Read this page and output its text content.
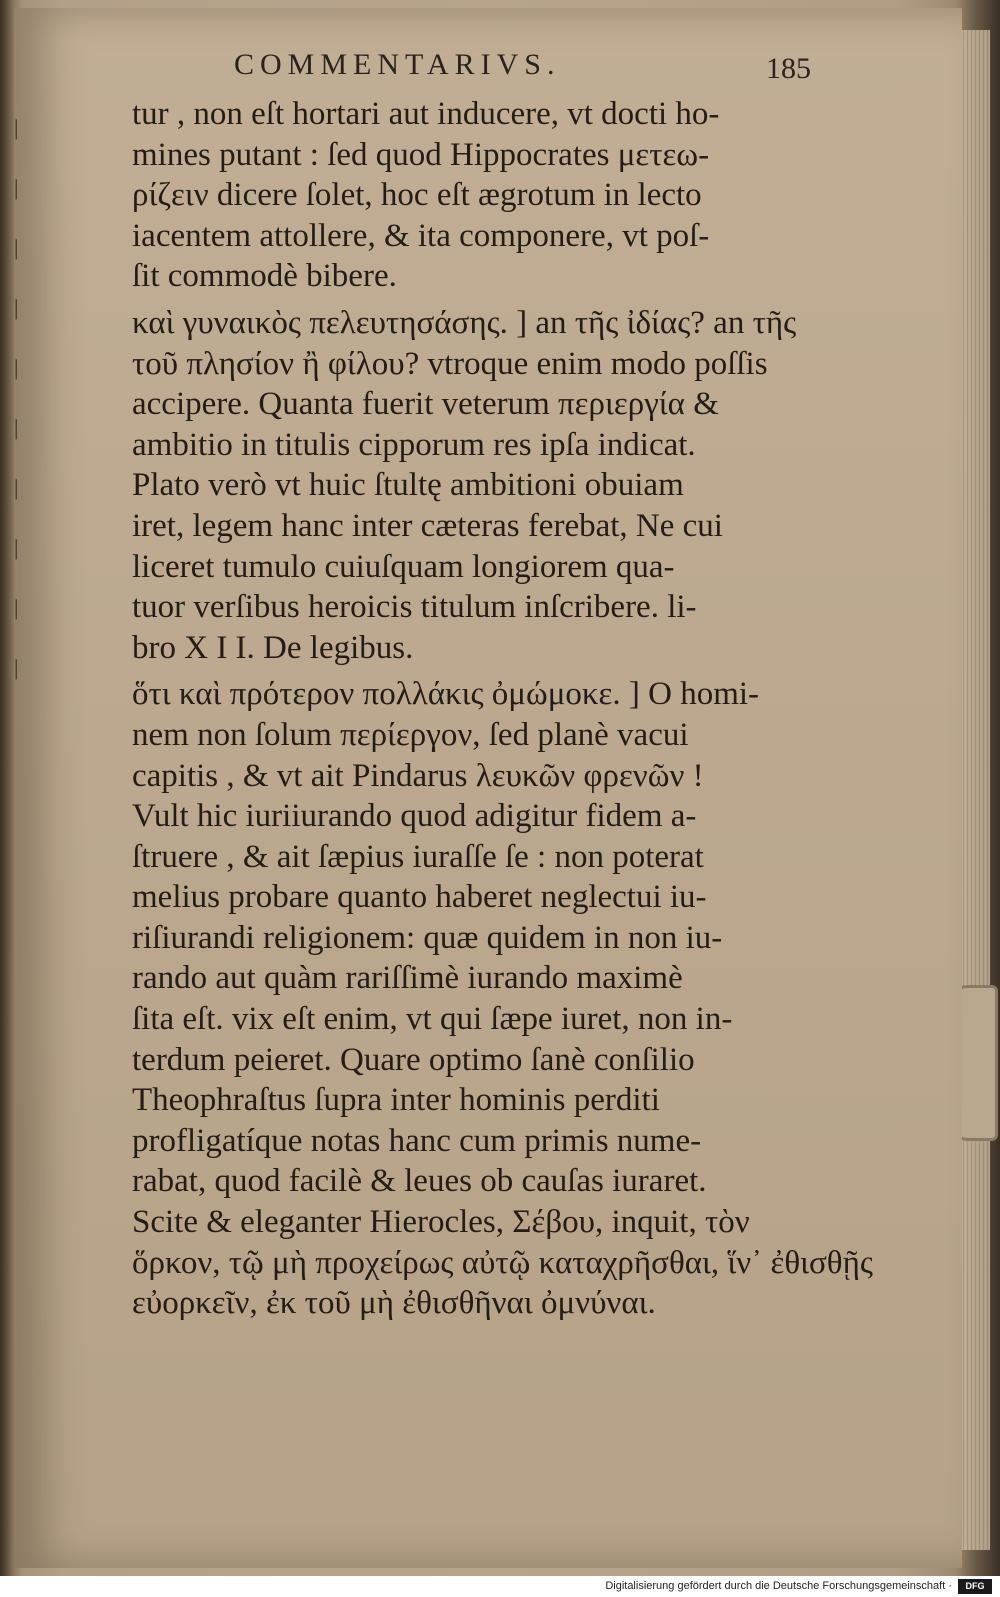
|
|
|
|
|
|
|
|
|
|
COMMENTARIVS.	185
tur , non eſt hortari aut inducere, vt docti ho-
mines putant : ſed quod Hippocrates μετεω-
ρίζειν dicere ſolet, hoc eſt ægrotum in lecto
iacentem attollere, & ita componere, vt poſ-
ſit commodè bibere.
καὶ γυναικὸς πελευτησάσης. ] an τῆς ἰδίας? an τῆς
τοῦ πλησίον ἢ φίλου? vtroque enim modo poſſis
accipere. Quanta fuerit veterum περιεργία &
ambitio in titulis cipporum res ipſa indicat.
Plato verò vt huic ſtultę ambitioni obuiam
iret, legem hanc inter cæteras ferebat, Ne cui
liceret tumulo cuiuſquam longiorem qua-
tuor verſibus heroicis titulum inſcribere. li-
bro X I I. De legibus.
ὅτι καὶ πρότερον πολλάκις ὀμώμοκε. ] O homi-
nem non ſolum περίεργον, ſed planè vacui
capitis , & vt ait Pindarus λευκῶν φρενῶν !
Vult hic iuriiurando quod adigitur fidem a-
ſtruere , & ait ſæpius iuraſſe ſe : non poterat
melius probare quanto haberet neglectui iu-
riſiurandi religionem: quæ quidem in non iu-
rando aut quàm rariſſimè iurando maximè
ſita eſt. vix eſt enim, vt qui ſæpe iuret, non in-
terdum peieret. Quare optimo ſanè conſilio
Theophraſtus ſupra inter hominis perditi
profligatíque notas hanc cum primis nume-
rabat, quod facilè & leues ob cauſas iuraret.
Scite & eleganter Hierocles, Σέβου, inquit, τὸν
ὅρκον, τῷ μὴ προχείρως αὐτῷ καταχρῆσθαι, ἵν᾽ ἐθισθῇς
εὐορκεῖν, ἐκ τοῦ μὴ ἐθισθῆναι ὀμνύναι.
Digitalisierung gefördert durch die Deutsche Forschungsgemeinschaft ·	DFG
